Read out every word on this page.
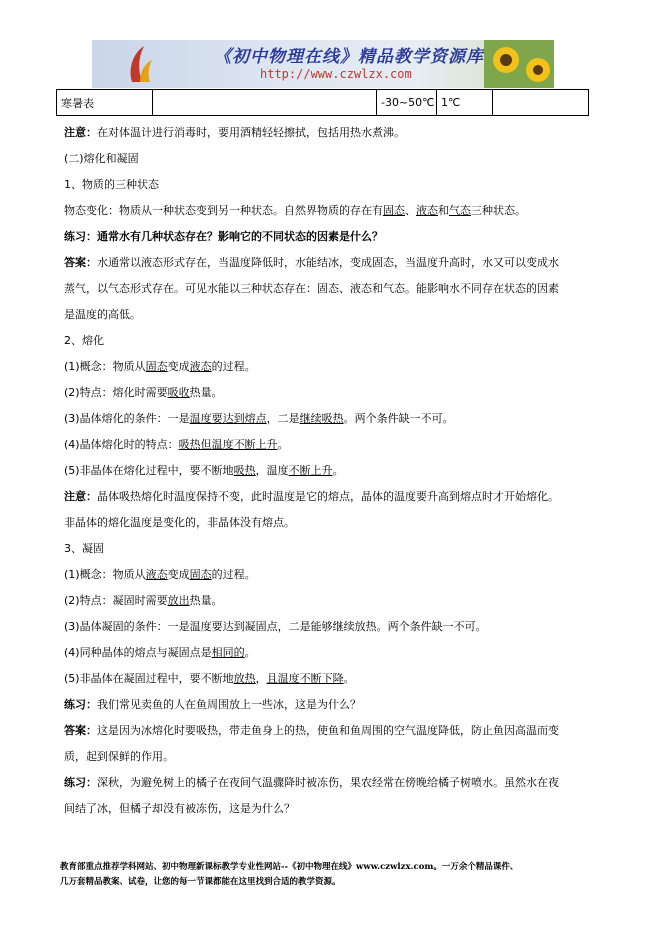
《初中物理在线》精品教学资源库
http://www.czwlzx.com
寒暑表		-30~50℃	1℃	
注意：在对体温计进行消毒时，要用酒精轻轻擦拭，包括用热水煮沸。
(二)熔化和凝固
1、物质的三种状态
物态变化：物质从一种状态变到另一种状态。自然界物质的存在有固态、液态和气态三种状态。
练习：通常水有几种状态存在？影响它的不同状态的因素是什么？
答案：水通常以液态形式存在，当温度降低时，水能结冰，变成固态，当温度升高时，水又可以变成水
蒸气，以气态形式存在。可见水能以三种状态存在：固态、液态和气态。能影响水不同存在状态的因素
是温度的高低。
2、熔化
(1)概念：物质从固态变成液态的过程。
(2)特点：熔化时需要吸收热量。
(3)晶体熔化的条件：一是温度要达到熔点，二是继续吸热。两个条件缺一不可。
(4)晶体熔化时的特点：吸热但温度不断上升。
(5)非晶体在熔化过程中，要不断地吸热，温度不断上升。
注意：晶体吸热熔化时温度保持不变，此时温度是它的熔点，晶体的温度要升高到熔点时才开始熔化。
非晶体的熔化温度是变化的，非晶体没有熔点。
3、凝固
(1)概念：物质从液态变成固态的过程。
(2)特点：凝固时需要放出热量。
(3)晶体凝固的条件：一是温度要达到凝固点，二是能够继续放热。两个条件缺一不可。
(4)同种晶体的熔点与凝固点是相同的。
(5)非晶体在凝固过程中，要不断地放热，且温度不断下降。
练习：我们常见卖鱼的人在鱼周围放上一些冰，这是为什么？
答案：这是因为冰熔化时要吸热，带走鱼身上的热，使鱼和鱼周围的空气温度降低，防止鱼因高温而变
质，起到保鲜的作用。
练习：深秋，为避免树上的橘子在夜间气温骤降时被冻伤，果农经常在傍晚给橘子树喷水。虽然水在夜
间结了冰，但橘子却没有被冻伤，这是为什么？
教育部重点推荐学科网站、初中物理新课标教学专业性网站--《初中物理在线》www.czwlzx.com。一万余个精品课件、
几万套精品教案、试卷，让您的每一节课都能在这里找到合适的教学资源。
